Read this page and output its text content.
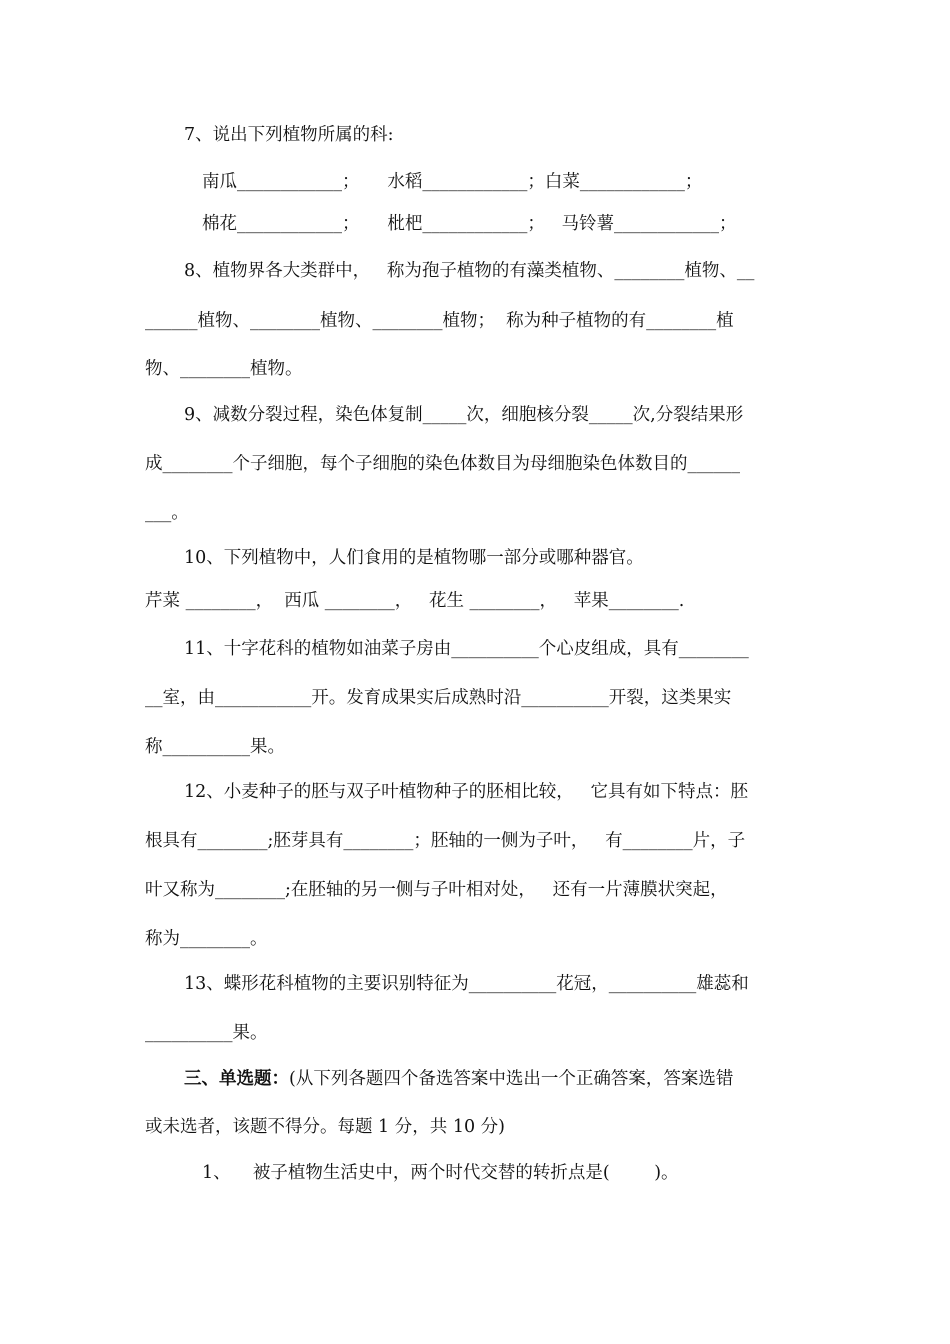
7、说出下列植物所属的科:
南瓜____________；     水稻____________；白菜____________；
棉花____________；     枇杷____________；   马铃薯____________；
8、植物界各大类群中，   称为孢子植物的有藻类植物、________植物、__
______植物、________植物、________植物；  称为种子植物的有________植
物、________植物。
9、减数分裂过程，染色体复制_____次，细胞核分裂_____次,分裂结果形
成________个子细胞，每个子细胞的染色体数目为母细胞染色体数目的______
___。
10、下列植物中，人们食用的是植物哪一部分或哪种器官。
芹菜 ________，  西瓜 ________，   花生 ________，   苹果________.
11、十字花科的植物如油菜子房由__________个心皮组成，具有________
__室，由___________开。发育成果实后成熟时沿__________开裂，这类果实
称__________果。
12、小麦种子的胚与双子叶植物种子的胚相比较，   它具有如下特点：胚
根具有________;胚芽具有________；胚轴的一侧为子叶，   有________片，子
叶又称为________;在胚轴的另一侧与子叶相对处，   还有一片薄膜状突起，
称为________。
13、蝶形花科植物的主要识别特征为__________花冠，__________雄蕊和
__________果。
三、单选题：(从下列各题四个备选答案中选出一个正确答案，答案选错
或未选者，该题不得分。每题 1 分，共 10 分)
1、    被子植物生活史中，两个时代交替的转折点是(        )。
